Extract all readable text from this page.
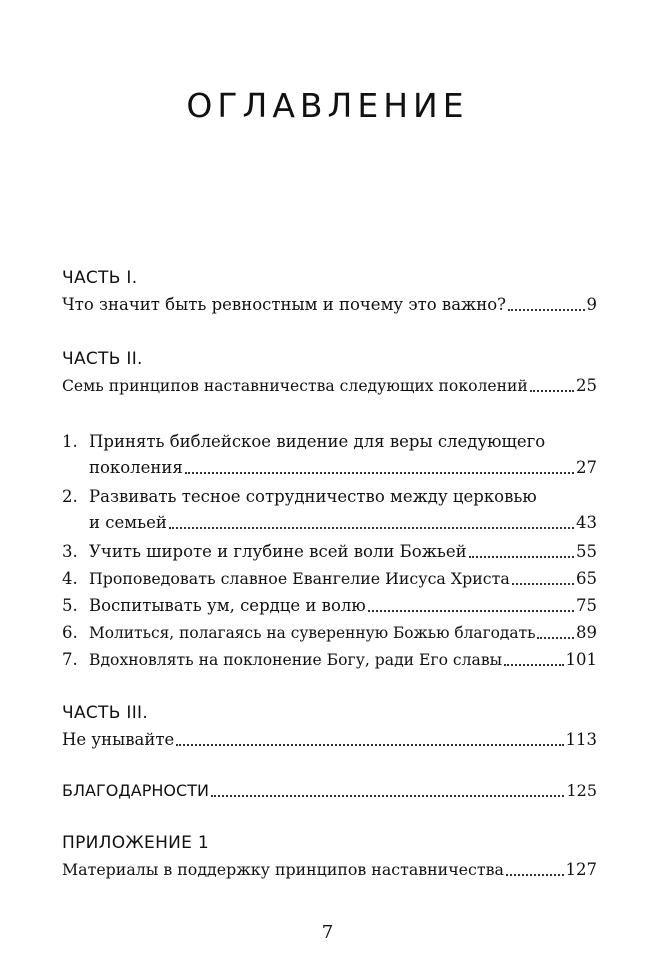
ОГЛАВЛЕНИЕ
ЧАСТЬ I.
Что значит быть ревностным и почему это важно?	9
ЧАСТЬ II.
Семь принципов наставничества следующих поколений	25
1. Принять библейское видение для веры следующего
поколения	27
2. Развивать тесное сотрудничество между церковью
и семьей	43
3. Учить широте и глубине всей воли Божьей	55
4. Проповедовать славное Евангелие Иисуса Христа	65
5. Воспитывать ум, сердце и волю	75
6. Молиться, полагаясь на суверенную Божью благодать 89
7. Вдохновлять на поклонение Богу, ради Его славы	101
ЧАСТЬ III.
Не унывайте	113
БЛАГОДАРНОСТИ	125
ПРИЛОЖЕНИЕ 1
Материалы в поддержку принципов наставничества	127
7
